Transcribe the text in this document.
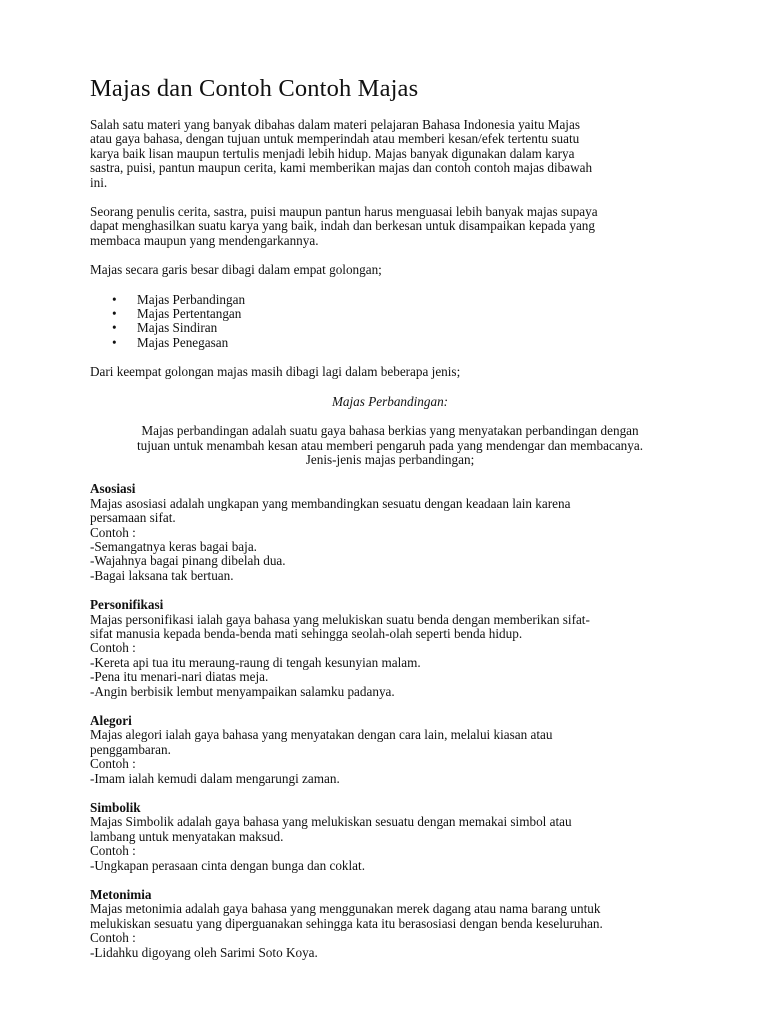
Majas dan Contoh Contoh Majas

Salah satu materi yang banyak dibahas dalam materi pelajaran Bahasa Indonesia yaitu Majas
atau gaya bahasa, dengan tujuan untuk memperindah atau memberi kesan/efek tertentu suatu
karya baik lisan maupun tertulis menjadi lebih hidup. Majas banyak digunakan dalam karya
sastra, puisi, pantun maupun cerita, kami memberikan majas dan contoh contoh majas dibawah
ini.

Seorang penulis cerita, sastra, puisi maupun pantun harus menguasai lebih banyak majas supaya
dapat menghasilkan suatu karya yang baik, indah dan berkesan untuk disampaikan kepada yang
membaca maupun yang mendengarkannya.

Majas secara garis besar dibagi dalam empat golongan;

• Majas Perbandingan
• Majas Pertentangan
• Majas Sindiran
• Majas Penegasan

Dari keempat golongan majas masih dibagi lagi dalam beberapa jenis;

Majas Perbandingan:

Majas perbandingan adalah suatu gaya bahasa berkias yang menyatakan perbandingan dengan
tujuan untuk menambah kesan atau memberi pengaruh pada yang mendengar dan membacanya.
Jenis-jenis majas perbandingan;

Asosiasi

Majas asosiasi adalah ungkapan yang membandingkan sesuatu dengan keadaan lain karena
persamaan sifat.
Contoh :
-Semangatnya keras bagai baja.
-Wajahnya bagai pinang dibelah dua.
-Bagai laksana tak bertuan.

Personifikasi

Majas personifikasi ialah gaya bahasa yang melukiskan suatu benda dengan memberikan sifat-
sifat manusia kepada benda-benda mati sehingga seolah-olah seperti benda hidup.
Contoh :
-Kereta api tua itu meraung-raung di tengah kesunyian malam.
-Pena itu menari-nari diatas meja.
-Angin berbisik lembut menyampaikan salamku padanya.

Alegori

Majas alegori ialah gaya bahasa yang menyatakan dengan cara lain, melalui kiasan atau
penggambaran.
Contoh :
-Imam ialah kemudi dalam mengarungi zaman.

Simbolik

Majas Simbolik adalah gaya bahasa yang melukiskan sesuatu dengan memakai simbol atau
lambang untuk menyatakan maksud.
Contoh :
-Ungkapan perasaan cinta dengan bunga dan coklat.

Metonimia

Majas metonimia adalah gaya bahasa yang menggunakan merek dagang atau nama barang untuk
melukiskan sesuatu yang diperguanakan sehingga kata itu berasosiasi dengan benda keseluruhan.
Contoh :
-Lidahku digoyang oleh Sarimi Soto Koya.
